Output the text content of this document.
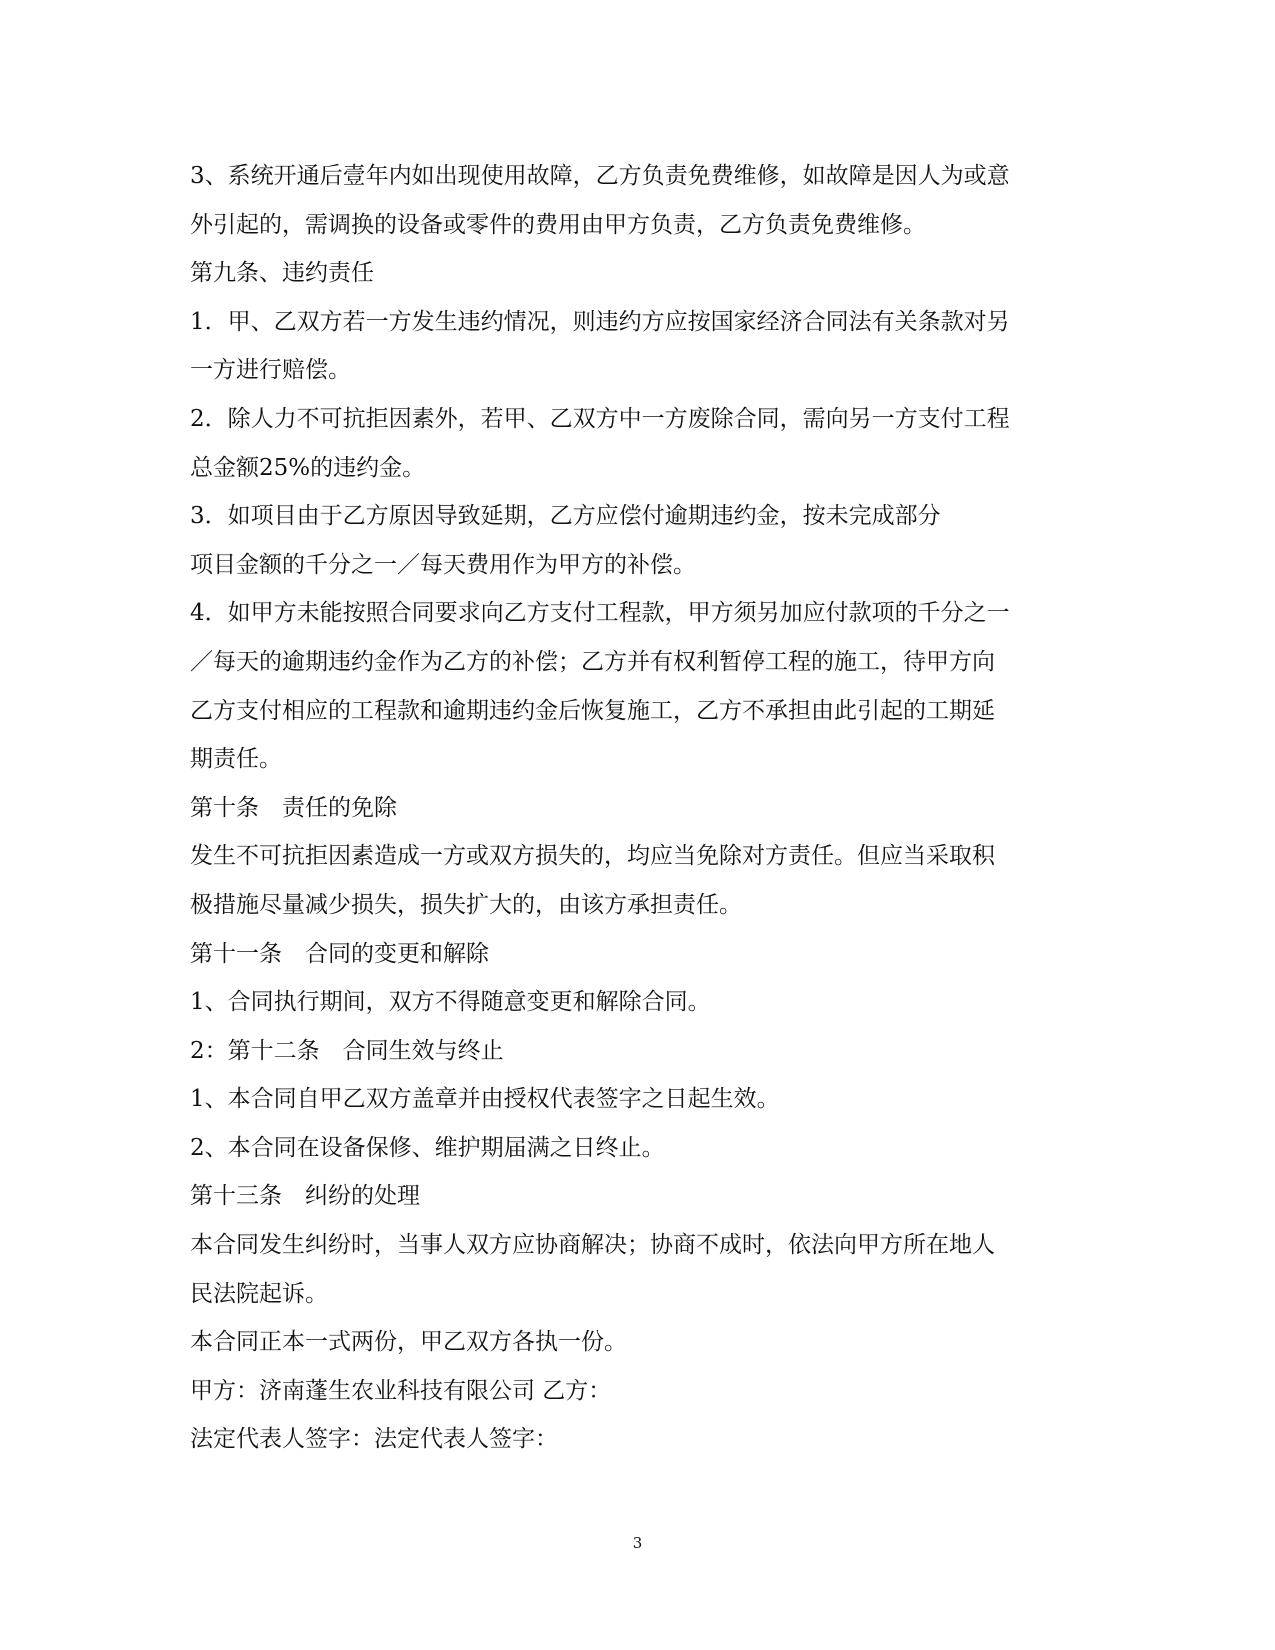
3、系统开通后壹年内如出现使用故障，乙方负责免费维修，如故障是因人为或意
外引起的，需调换的设备或零件的费用由甲方负责，乙方负责免费维修。
第九条、违约责任
1．甲、乙双方若一方发生违约情况，则违约方应按国家经济合同法有关条款对另
一方进行赔偿。
2．除人力不可抗拒因素外，若甲、乙双方中一方废除合同，需向另一方支付工程
总金额25%的违约金。
3．如项目由于乙方原因导致延期，乙方应偿付逾期违约金，按未完成部分
项目金额的千分之一／每天费用作为甲方的补偿。
4．如甲方未能按照合同要求向乙方支付工程款，甲方须另加应付款项的千分之一
／每天的逾期违约金作为乙方的补偿；乙方并有权利暂停工程的施工，待甲方向
乙方支付相应的工程款和逾期违约金后恢复施工，乙方不承担由此引起的工期延
期责任。
第十条　责任的免除
发生不可抗拒因素造成一方或双方损失的，均应当免除对方责任。但应当采取积
极措施尽量减少损失，损失扩大的，由该方承担责任。
第十一条　合同的变更和解除
1、合同执行期间，双方不得随意变更和解除合同。
2：第十二条　合同生效与终止
1、本合同自甲乙双方盖章并由授权代表签字之日起生效。
2、本合同在设备保修、维护期届满之日终止。
第十三条　纠纷的处理
本合同发生纠纷时，当事人双方应协商解决；协商不成时，依法向甲方所在地人
民法院起诉。
本合同正本一式两份，甲乙双方各执一份。
甲方：济南蓬生农业科技有限公司 乙方：
法定代表人签字：法定代表人签字：
3
